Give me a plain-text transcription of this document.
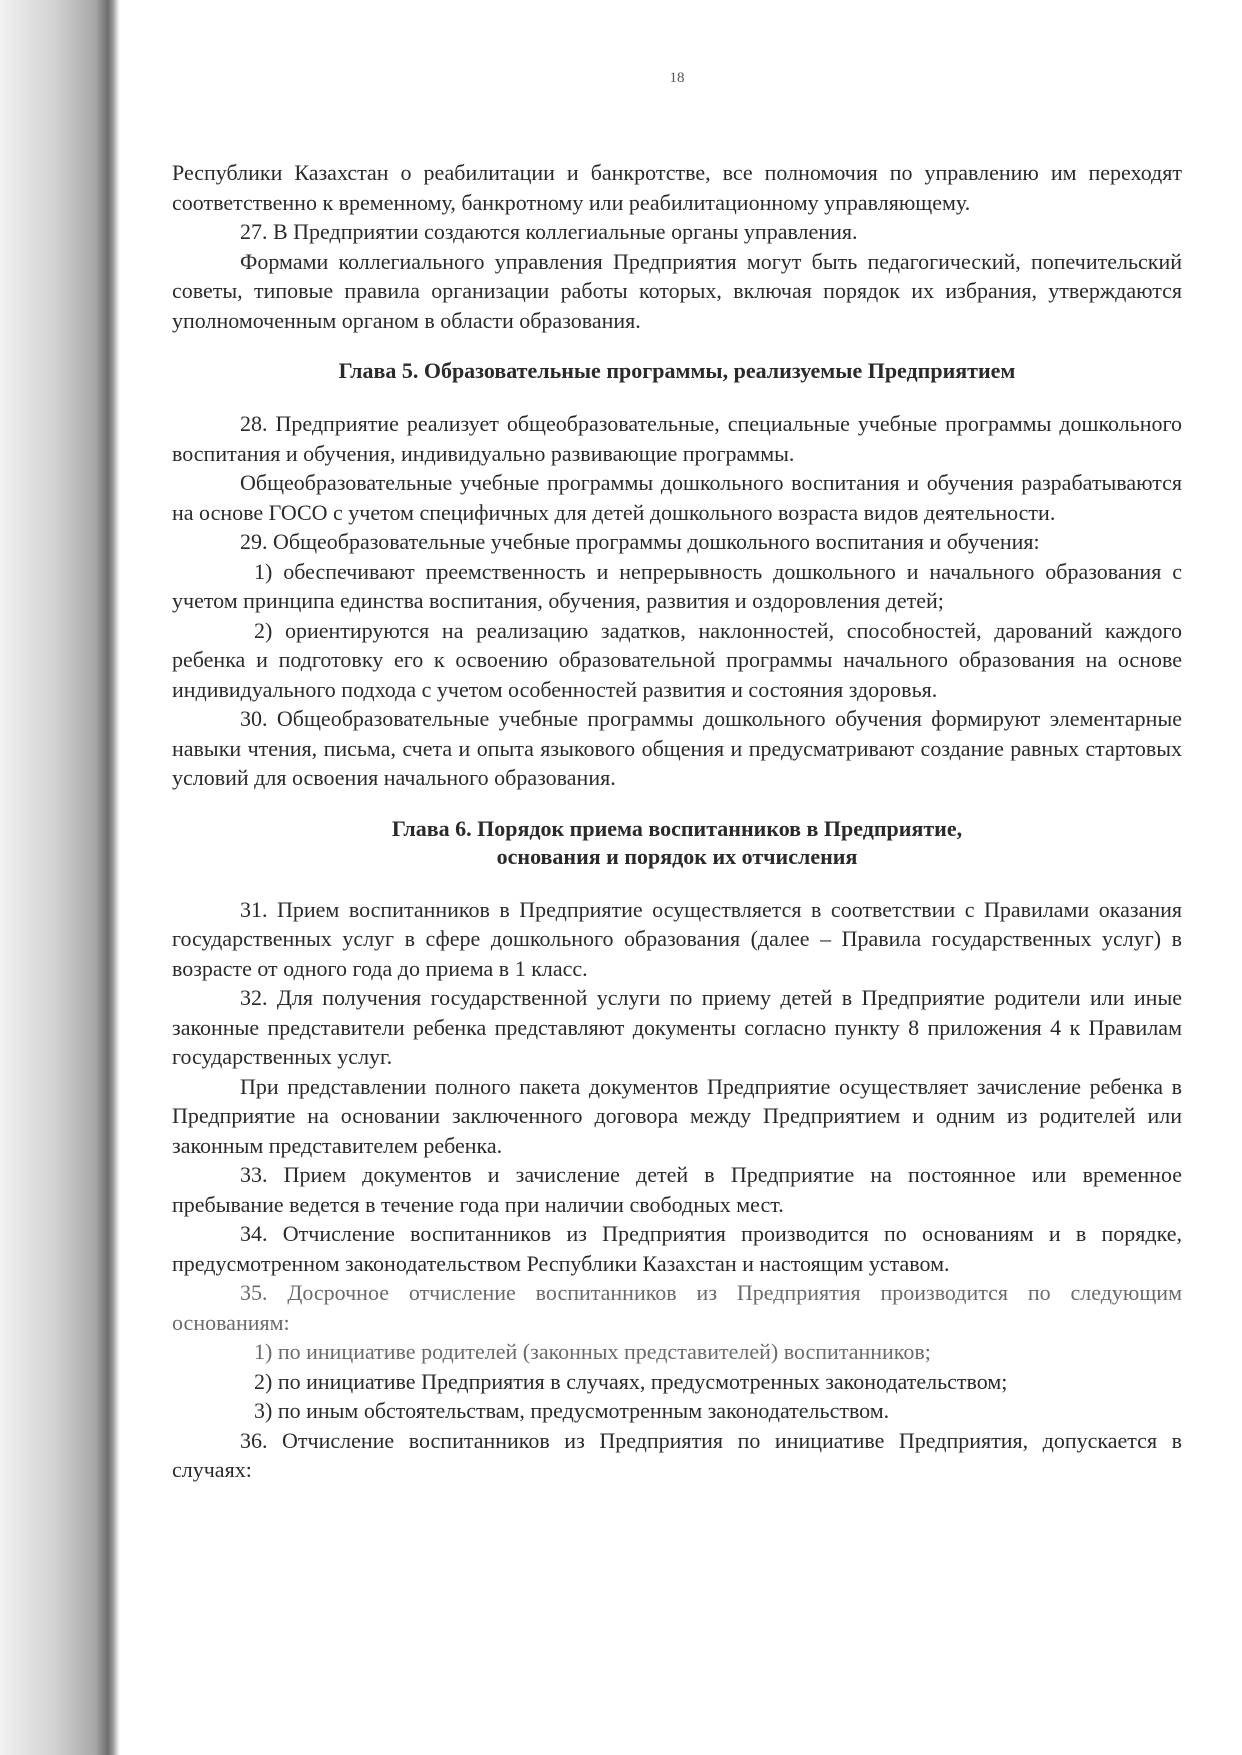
18

Республики Казахстан о реабилитации и банкротстве, все полномочия по управлению им переходят соответственно к временному, банкротному или реабилитационному управляющему.

27. В Предприятии создаются коллегиальные органы управления.

Формами коллегиального управления Предприятия могут быть педагогический, попечительский советы, типовые правила организации работы которых, включая порядок их избрания, утверждаются уполномоченным органом в области образования.

Глава 5. Образовательные программы, реализуемые Предприятием

28. Предприятие реализует общеобразовательные, специальные учебные программы дошкольного воспитания и обучения, индивидуально развивающие программы.

Общеобразовательные учебные программы дошкольного воспитания и обучения разрабатываются на основе ГОСО с учетом специфичных для детей дошкольного возраста видов деятельности.

29. Общеобразовательные учебные программы дошкольного воспитания и обучения:

1) обеспечивают преемственность и непрерывность дошкольного и начального образования с учетом принципа единства воспитания, обучения, развития и оздоровления детей;

2) ориентируются на реализацию задатков, наклонностей, способностей, дарований каждого ребенка и подготовку его к освоению образовательной программы начального образования на основе индивидуального подхода с учетом особенностей развития и состояния здоровья.

30. Общеобразовательные учебные программы дошкольного обучения формируют элементарные навыки чтения, письма, счета и опыта языкового общения и предусматривают создание равных стартовых условий для освоения начального образования.

Глава 6. Порядок приема воспитанников в Предприятие,

основания и порядок их отчисления

31. Прием воспитанников в Предприятие осуществляется в соответствии с Правилами оказания государственных услуг в сфере дошкольного образования (далее – Правила государственных услуг) в возрасте от одного года до приема в 1 класс.

32. Для получения государственной услуги по приему детей в Предприятие родители или иные законные представители ребенка представляют документы согласно пункту 8 приложения 4 к Правилам государственных услуг.

При представлении полного пакета документов Предприятие осуществляет зачисление ребенка в Предприятие на основании заключенного договора между Предприятием и одним из родителей или законным представителем ребенка.

33. Прием документов и зачисление детей в Предприятие на постоянное или временное пребывание ведется в течение года при наличии свободных мест.

34. Отчисление воспитанников из Предприятия производится по основаниям и в порядке, предусмотренном законодательством Республики Казахстан и настоящим уставом.

35. Досрочное отчисление воспитанников из Предприятия производится по следующим основаниям:

1) по инициативе родителей (законных представителей) воспитанников;

2) по инициативе Предприятия в случаях, предусмотренных законодательством;

3) по иным обстоятельствам, предусмотренным законодательством.

36. Отчисление воспитанников из Предприятия по инициативе Предприятия, допускается в случаях:
